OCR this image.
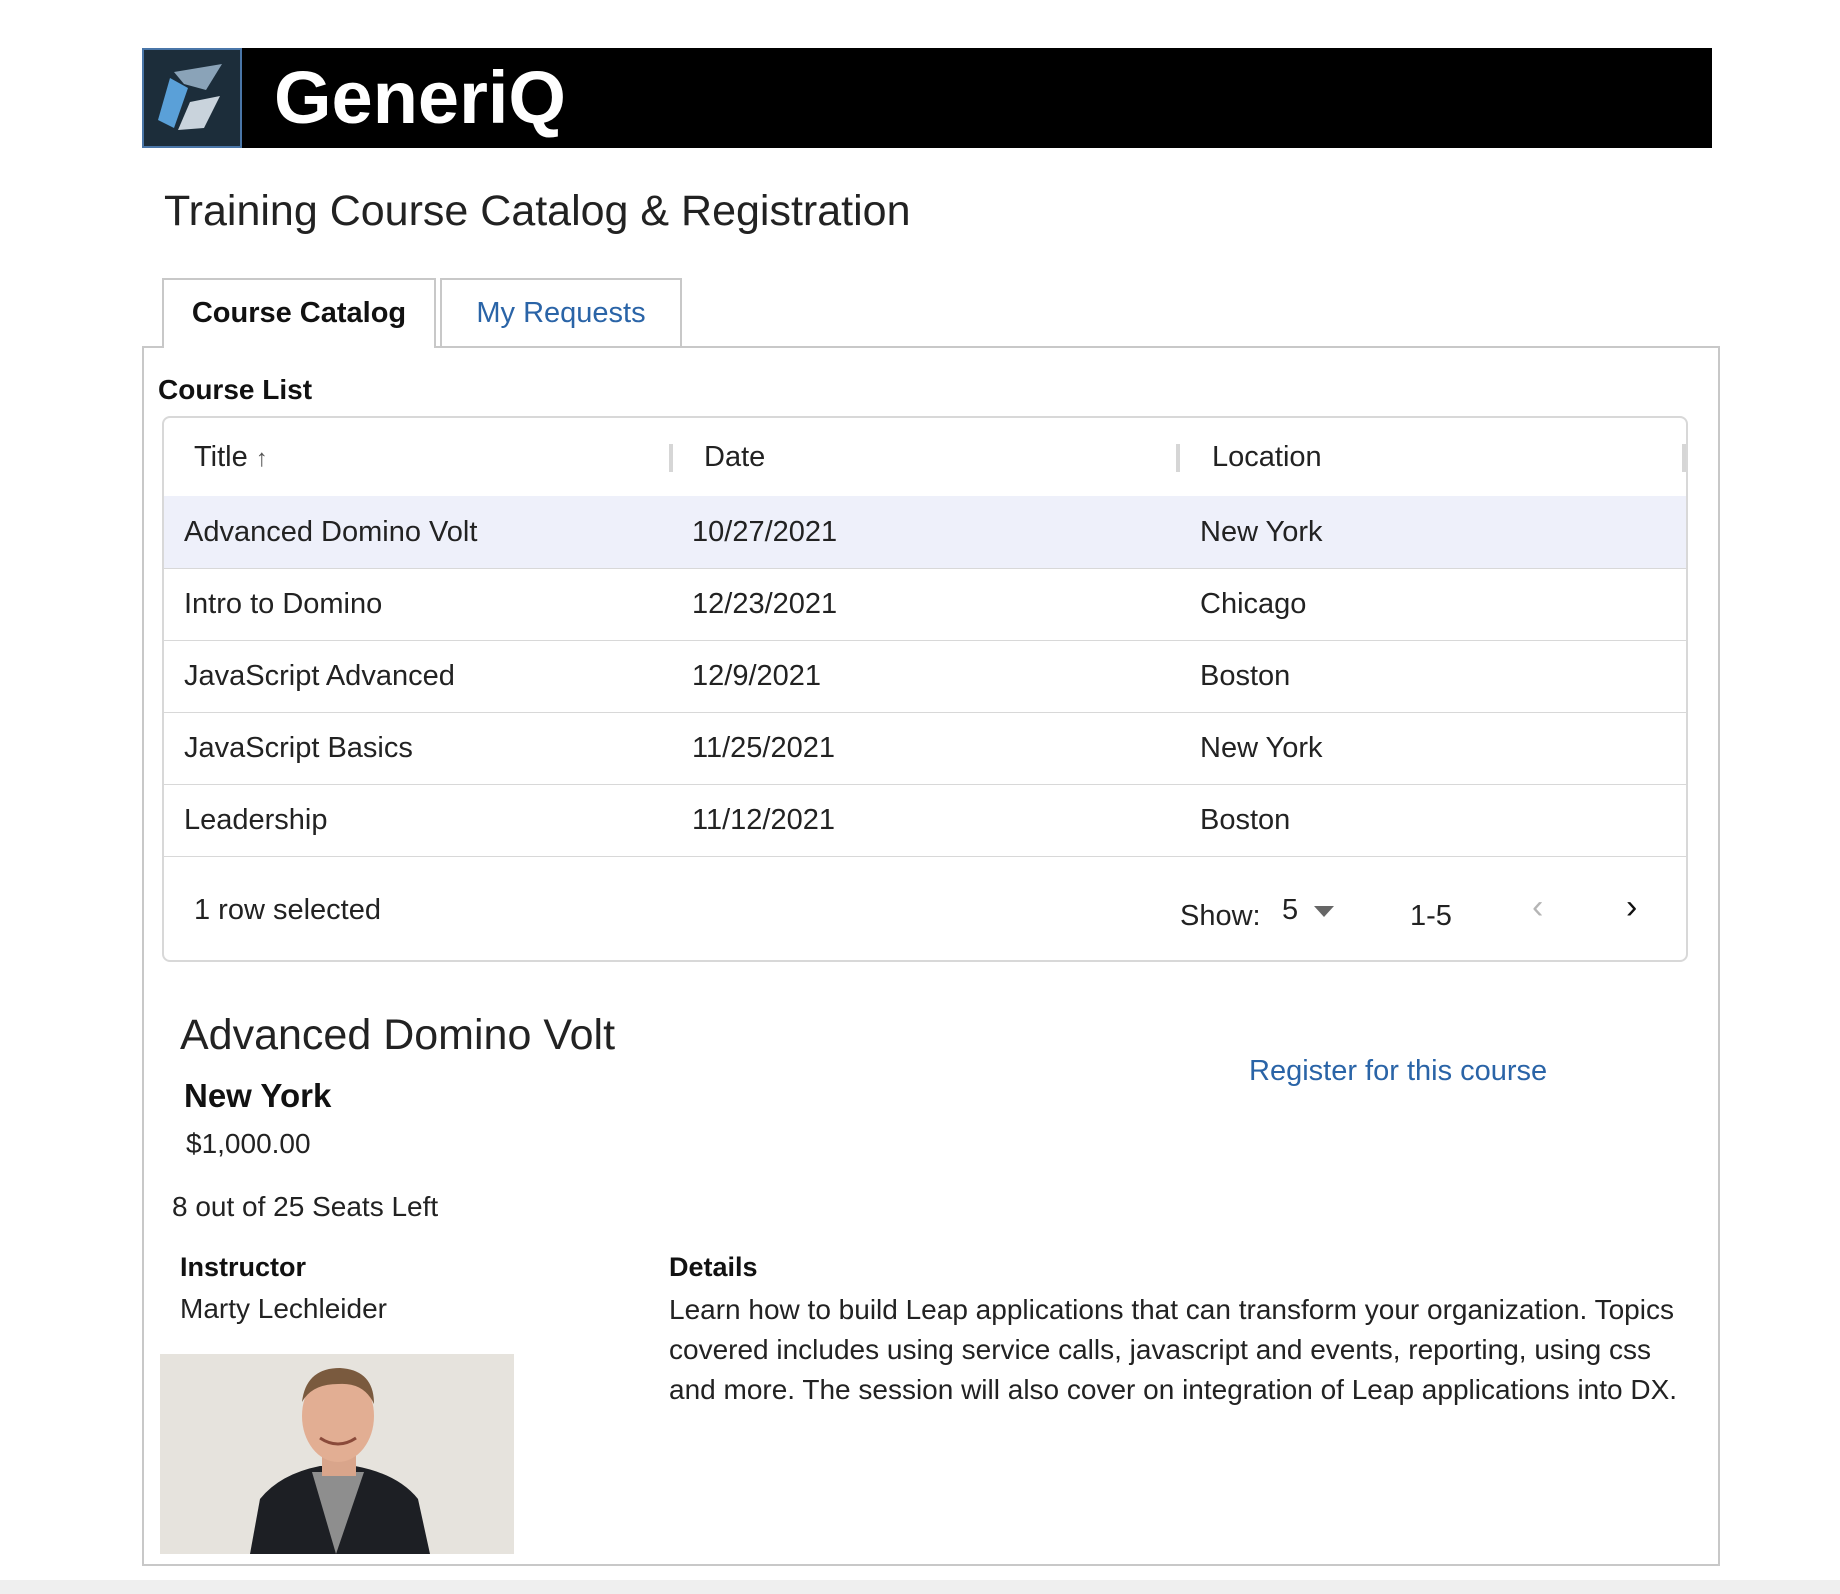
GeneriQ
Training Course Catalog & Registration
Course Catalog	My Requests
Course List
Title ↑	Date	Location
Advanced Domino Volt	10/27/2021	New York
Intro to Domino	12/23/2021	Chicago
JavaScript Advanced	12/9/2021	Boston
JavaScript Basics	11/25/2021	New York
Leadership	11/12/2021	Boston
1 row selected	Show: 5	1-5 ‹ ›
Advanced Domino Volt
New York
$1,000.00
8 out of 25 Seats Left
Register for this course
Instructor
Marty Lechleider
Details
Learn how to build Leap applications that can transform your organization. Topics covered includes using service calls, javascript and events, reporting, using css and more. The session will also cover on integration of Leap applications into DX.
